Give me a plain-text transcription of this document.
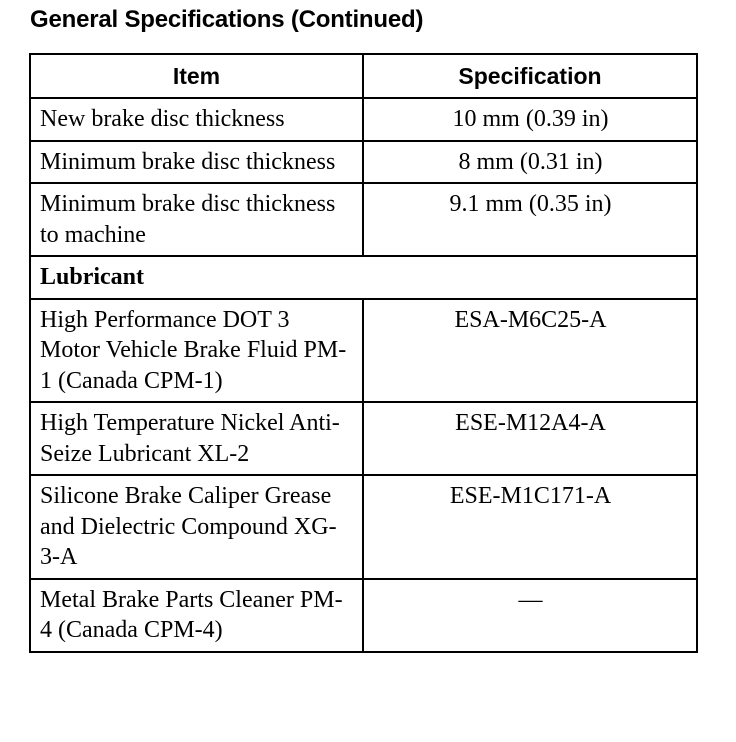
General Specifications (Continued)
Item	Specification
New brake disc thickness	10 mm (0.39 in)
Minimum brake disc thickness	8 mm (0.31 in)
Minimum brake disc thickness to machine	9.1 mm (0.35 in)
Lubricant	
High Performance DOT 3 Motor Vehicle Brake Fluid PM-1 (Canada CPM-1)	ESA-M6C25-A
High Temperature Nickel Anti-Seize Lubricant XL-2	ESE-M12A4-A
Silicone Brake Caliper Grease and Dielectric Compound XG-3-A	ESE-M1C171-A
Metal Brake Parts Cleaner PM-4 (Canada CPM-4)	—
